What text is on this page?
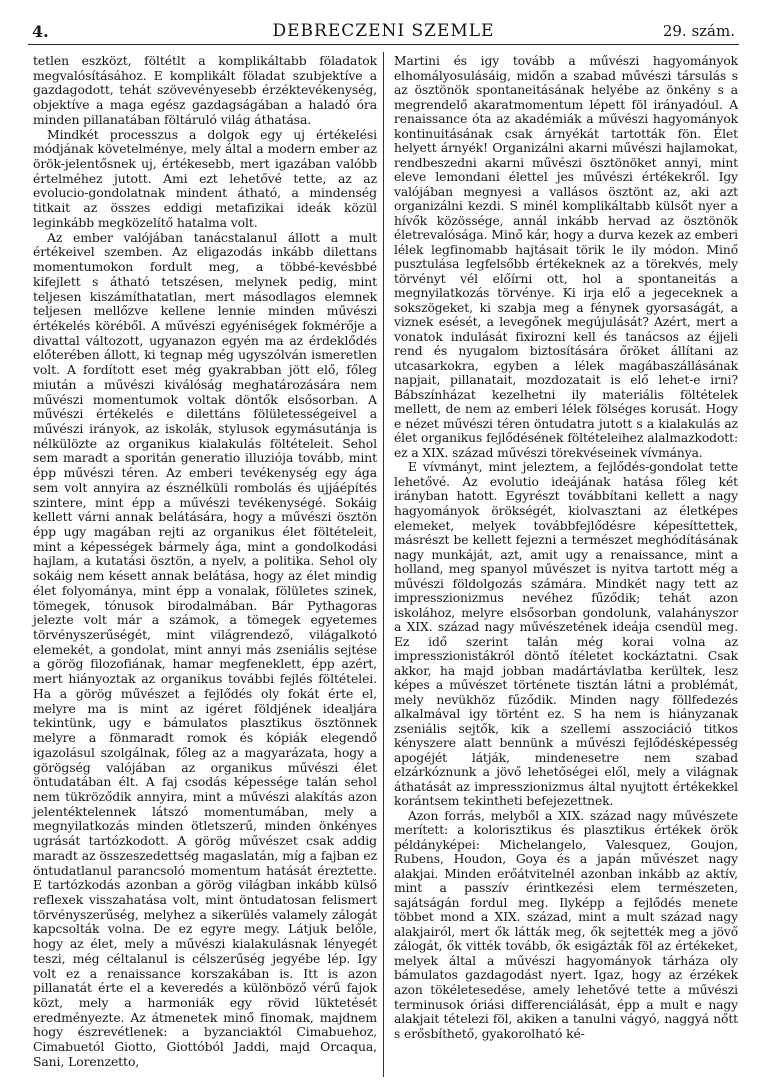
4.	DEBRECZENI SZEMLE	29. szám.

tetlen eszközt, föltétlt a komplikáltabb föladatok megvalósításához. E komplikált föladat szubjektíve a gazdagodott, tehát szövevényesebb érzéktevékenység, objektíve a maga egész gazdagságában a haladó óra minden pillanatában föltáruló világ áthatása.

Mindkét processzus a dolgok egy uj értékelési módjának követelménye, mely által a modern ember az örök-jelentősnek uj, értékesebb, mert igazában valóbb értelméhez jutott. Ami ezt lehetővé tette, az az evolucio-gondolatnak mindent átható, a mindenség titkait az összes eddigi metafizikai ideák közül leginkább megközelítő hatalma volt.

Az ember valójában tanácstalanul állott a mult értékeivel szemben. Az eligazodás inkább dilettans momentumokon fordult meg, a többé-kevésbbé kifejlett s átható tetszésen, melynek pedig, mint teljesen kiszámíthatatlan, mert másodlagos elemnek teljesen mellőzve kellene lennie minden művészi értékelés köréből. A művészi egyéniségek fokmérője a divattal változott, ugyanazon egyén ma az érdeklődés előterében állott, ki tegnap még ugyszólván ismeretlen volt. A fordított eset még gyakrabban jött elő, főleg miután a művészi kiválóság meghatározására nem művészi momentumok voltak döntők elsősorban. A művészi értékelés e dilettáns fölületességeivel a művészi irányok, az iskolák, stylusok egymásutánja is nélkülözte az organikus kialakulás föltételeit. Sehol sem maradt a sporitán generatio illuziója tovább, mint épp művészi téren. Az emberi tevékenység egy ága sem volt annyira az észnélküli rombolás és ujjáépítés szintere, mint épp a művészi tevékenységé. Sokáig kellett várni annak belátására, hogy a művészi ösztön épp ugy magában rejti az organikus élet föltételeit, mint a képességek bármely ága, mint a gondolkodási hajlam, a kutatási ösztön, a nyelv, a politika. Sehol oly sokáig nem késett annak belátása, hogy az élet mindig élet folyománya, mint épp a vonalak, fölületes szinek, tömegek, tónusok birodalmában. Bár Pythagoras jelezte volt már a számok, a tömegek egyetemes törvényszerűségét, mint világrendező, világalkotó elemekét, a gondolat, mint annyi más zseniális sejtése a görög filozofiának, hamar megfeneklett, épp azért, mert hiányoztak az organikus további fejlés föltételei. Ha a görög művészet a fejlődés oly fokát érte el, melyre ma is mint az igéret földjének idealjára tekintünk, ugy e bámulatos plasztikus ösztönnek melyre a fönmaradt romok és kópiák elegendő igazolásul szolgálnak, főleg az a magyarázata, hogy a görögség valójában az organikus művészi élet öntudatában élt. A faj csodás képessége talán sehol nem tükröződik annyira, mint a művészi alakítás azon jelentéktelennek látszó momentumában, mely a megnyilatkozás minden ötletszerű, minden önkényes ugrását tartózkodott. A görög művészet csak addig maradt az összeszedettség magaslatán, míg a fajban ez öntudatlanul parancsoló momentum hatását éreztette. E tartózkodás azonban a görög világban inkább külső reflexek visszahatása volt, mint öntudatosan felismert törvényszerűség, melyhez a sikerülés valamely zálogát kapcsolták volna. De ez egyre megy. Látjuk belőle, hogy az élet, mely a művészi kialakulásnak lényegét teszi, még céltalanul is célszerűség jegyébe lép. Igy volt ez a renaissance korszakában is. Itt is azon pillanatát érte el a keveredés a különböző vérű fajok közt, mely a harmoniák egy rövid lüktetését eredményezte. Az átmenetek minő finomak, majdnem hogy észrevétlenek: a byzanciaktól Cimabuehoz, Cimabuetól Giotto, Giottóból Jaddi, majd Orcaqua, Sani, Lorenzetto,

Martini és igy tovább a művészi hagyományok elhomályosulásáig, midőn a szabad művészi társulás s az ösztönök spontaneitásának helyébe az önkény s a megrendelő akaratmomentum lépett föl irányadóul. A renaissance óta az akadémiák a művészi hagyományok kontinuitásának csak árnyékát tartották fön. Élet helyett árnyék! Organizálni akarni művészi hajlamokat, rendbeszedni akarni művészi ösztönöket annyi, mint eleve lemondani élettel jes művészi értékekről. Igy valójában megnyesi a vallásos ösztönt az, aki azt organizálni kezdi. S minél komplikáltabb külsőt nyer a hívők közössége, annál inkább hervad az ösztönök életrevalósága. Minő kár, hogy a durva kezek az emberi lélek legfinomabb hajtásait törik le ily módon. Minő pusztulása legfelsőbb értékeknek az a törekvés, mely törvényt vél előírni ott, hol a spontaneitás a megnyilatkozás törvénye. Ki irja elő a jegeceknek a sokszögeket, ki szabja meg a fénynek gyorsaságát, a viznek esését, a levegőnek megújulását? Azért, mert a vonatok indulását fixirozni kell és tanácsos az éjjeli rend és nyugalom biztosítására őröket állítani az utcasarkokra, egyben a lélek magábaszállásának napjait, pillanatait, mozdozatait is elő lehet-e irni? Bábszínházat kezelhetni ily materiális föltételek mellett, de nem az emberi lélek fölséges korusát. Hogy e nézet művészi téren öntudatra jutott s a kialakulás az élet organikus fejlődésének föltételeihez alalmazkodott: ez a XIX. század művészi törekvéseinek vívmánya.

E vívmányt, mint jeleztem, a fejlődés-gondolat tette lehetővé. Az evolutio ideájának hatása főleg két irányban hatott. Egyrészt továbbítani kellett a nagy hagyományok örökségét, kiolvasztani az életképes elemeket, melyek továbbfejlődésre képesíttettek, másrészt be kellett fejezni a természet meghódításának nagy munkáját, azt, amit ugy a renaissance, mint a holland, meg spanyol művészet is nyitva tartott még a művészi földolgozás számára. Mindkét nagy tett az impresszionizmus nevéhez fűződik; tehát azon iskolához, melyre elsősorban gondolunk, valahányszor a XIX. század nagy művészetének ideája csendül meg. Ez idő szerint talán még korai volna az impresszionistákról döntő ítéletet kockáztatni. Csak akkor, ha majd jobban madártávlatba kerültek, lesz képes a művészet története tisztán látni a problémát, mely nevükhöz fűződik. Minden nagy föllfedezés alkalmával igy történt ez. S ha nem is hiányzanak zseniális sejtők, kik a szellemi asszociáció titkos kényszere alatt bennünk a művészi fejlődésképesség apogéjét látják, mindenesetre nem szabad elzárkóznunk a jövő lehetőségei elől, mely a világnak áthatását az impresszionizmus által nyujtott értékekkel korántsem tekintheti befejezettnek.

Azon forrás, melyből a XIX. század nagy művészete merített: a kolorisztikus és plasztikus értékek örök példányképei: Michelangelo, Valesquez, Goujon, Rubens, Houdon, Goya és a japán művészet nagy alakjai. Minden erőátvitelnél azonban inkább az aktív, mint a passzív érintkezési elem természeten, sajátságán fordul meg. Ilyképp a fejlődés menete többet mond a XIX. század, mint a mult század nagy alakjairól, mert ők látták meg, ők sejtették meg a jövő zálogát, ők vitték tovább, ők esigázták föl az értékeket, melyek által a művészi hagyományok tárháza oly bámulatos gazdagodást nyert. Igaz, hogy az érzékek azon tökéletesedése, amely lehetővé tette a művészi terminusok óriási differenciálását, épp a mult e nagy alakjait tételezi föl, akiken a tanulni vágyó, naggyá nőtt s erősbíthető, gyakorolható ké-
